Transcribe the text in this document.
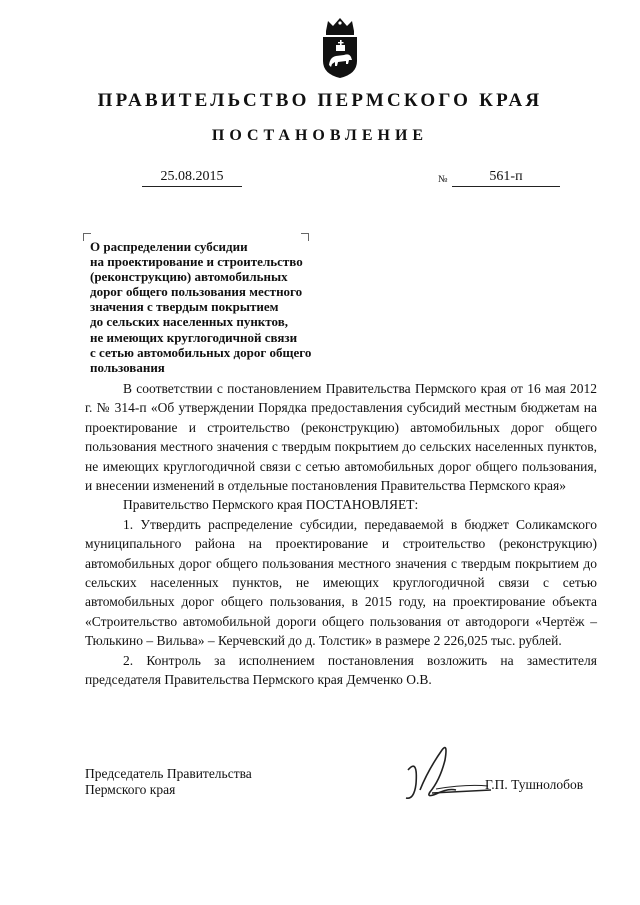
ПРАВИТЕЛЬСТВО ПЕРМСКОГО КРАЯ
ПОСТАНОВЛЕНИЕ
25.08.2015	№	561-п
О распределении субсидии
на проектирование и строительство
(реконструкцию) автомобильных
дорог общего пользования местного
значения с твердым покрытием
до сельских населенных пунктов,
не имеющих круглогодичной связи
с сетью автомобильных дорог общего
пользования

В соответствии с постановлением Правительства Пермского края от 16 мая 2012 г. № 314-п «Об утверждении Порядка предоставления субсидий местным бюджетам на проектирование и строительство (реконструкцию) автомобильных дорог общего пользования местного значения с твердым покрытием до сельских населенных пунктов, не имеющих круглогодичной связи с сетью автомобильных дорог общего пользования, и внесении изменений в отдельные постановления Правительства Пермского края»

Правительство Пермского края ПОСТАНОВЛЯЕТ:

1. Утвердить распределение субсидии, передаваемой в бюджет Соликамского муниципального района на проектирование и строительство (реконструкцию) автомобильных дорог общего пользования местного значения с твердым покрытием до сельских населенных пунктов, не имеющих круглогодичной связи с сетью автомобильных дорог общего пользования, в 2015 году, на проектирование объекта «Строительство автомобильной дороги общего пользования от автодороги «Чертёж – Тюлькино – Вильва» – Керчевский до д. Толстик» в размере 2 226,025 тыс. рублей.

2. Контроль за исполнением постановления возложить на заместителя председателя Правительства Пермского края Демченко О.В.

Председатель Правительства
Пермского края	Г.П. Тушнолобов
